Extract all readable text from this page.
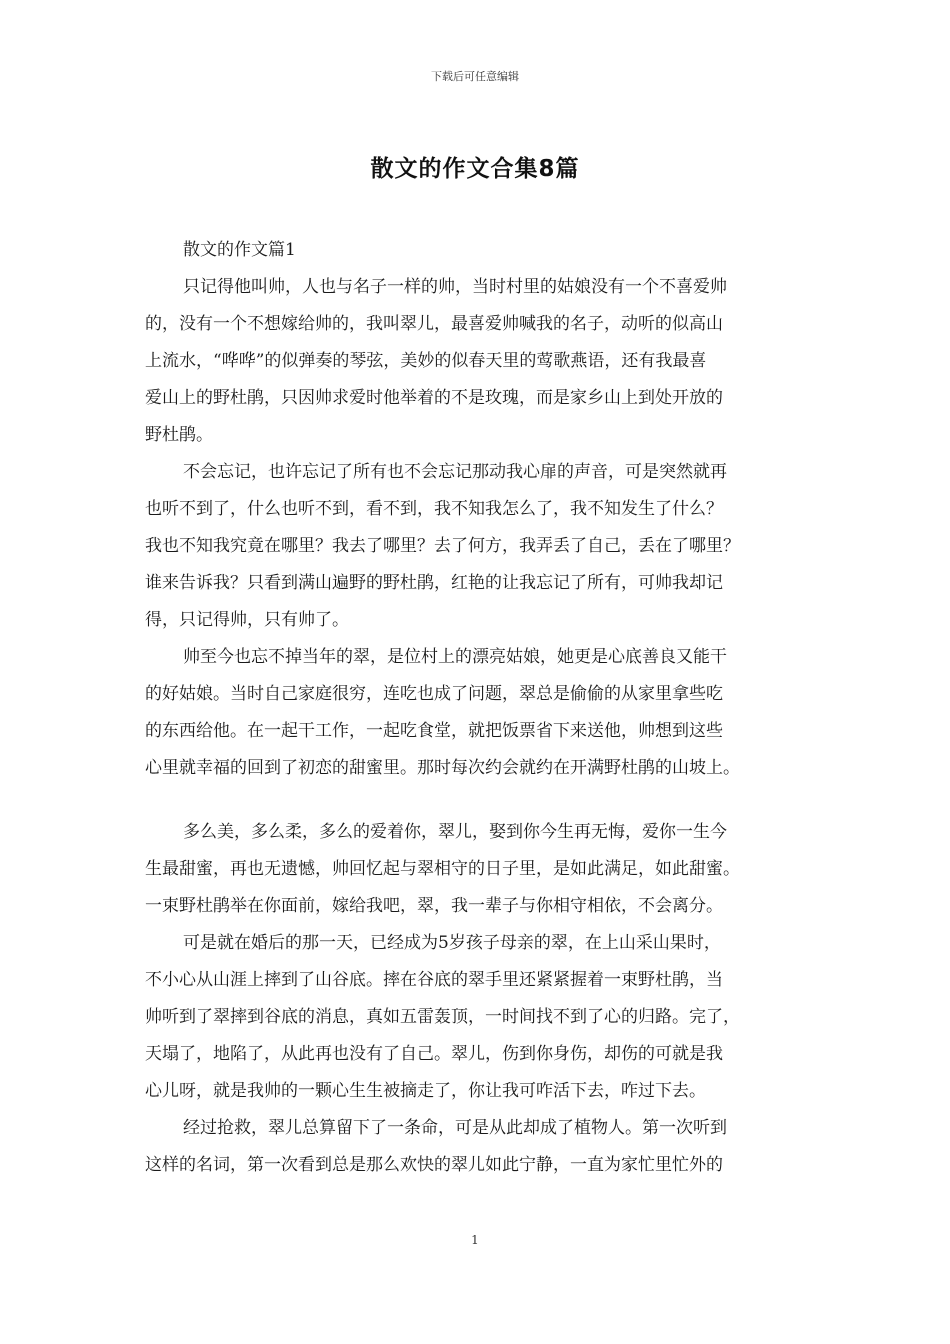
下载后可任意编辑
散文的作文合集8篇
散文的作文篇1
只记得他叫帅，人也与名子一样的帅，当时村里的姑娘没有一个不喜爱帅
的，没有一个不想嫁给帅的，我叫翠儿，最喜爱帅喊我的名子，动听的似高山
上流水，“哗哗”的似弹奏的琴弦，美妙的似春天里的莺歌燕语，还有我最喜
爱山上的野杜鹃，只因帅求爱时他举着的不是玫瑰，而是家乡山上到处开放的
野杜鹃。
不会忘记，也许忘记了所有也不会忘记那动我心扉的声音，可是突然就再
也听不到了，什么也听不到，看不到，我不知我怎么了，我不知发生了什么？
我也不知我究竟在哪里？我去了哪里？去了何方，我弄丢了自己，丢在了哪里？
谁来告诉我？只看到满山遍野的野杜鹃，红艳的让我忘记了所有，可帅我却记
得，只记得帅，只有帅了。
帅至今也忘不掉当年的翠，是位村上的漂亮姑娘，她更是心底善良又能干
的好姑娘。当时自己家庭很穷，连吃也成了问题，翠总是偷偷的从家里拿些吃
的东西给他。在一起干工作，一起吃食堂，就把饭票省下来送他，帅想到这些
心里就幸福的回到了初恋的甜蜜里。那时每次约会就约在开满野杜鹃的山坡上。
多么美，多么柔，多么的爱着你，翠儿，娶到你今生再无悔，爱你一生今
生最甜蜜，再也无遗憾，帅回忆起与翠相守的日子里，是如此满足，如此甜蜜。
一束野杜鹃举在你面前，嫁给我吧，翠，我一辈子与你相守相依，不会离分。
可是就在婚后的那一天，已经成为5岁孩子母亲的翠，在上山采山果时，
不小心从山涯上摔到了山谷底。摔在谷底的翠手里还紧紧握着一束野杜鹃，当
帅听到了翠摔到谷底的消息，真如五雷轰顶，一时间找不到了心的归路。完了，
天塌了，地陷了，从此再也没有了自己。翠儿，伤到你身伤，却伤的可就是我
心儿呀，就是我帅的一颗心生生被摘走了，你让我可咋活下去，咋过下去。
经过抢救，翠儿总算留下了一条命，可是从此却成了植物人。第一次听到
这样的名词，第一次看到总是那么欢快的翠儿如此宁静，一直为家忙里忙外的
1
